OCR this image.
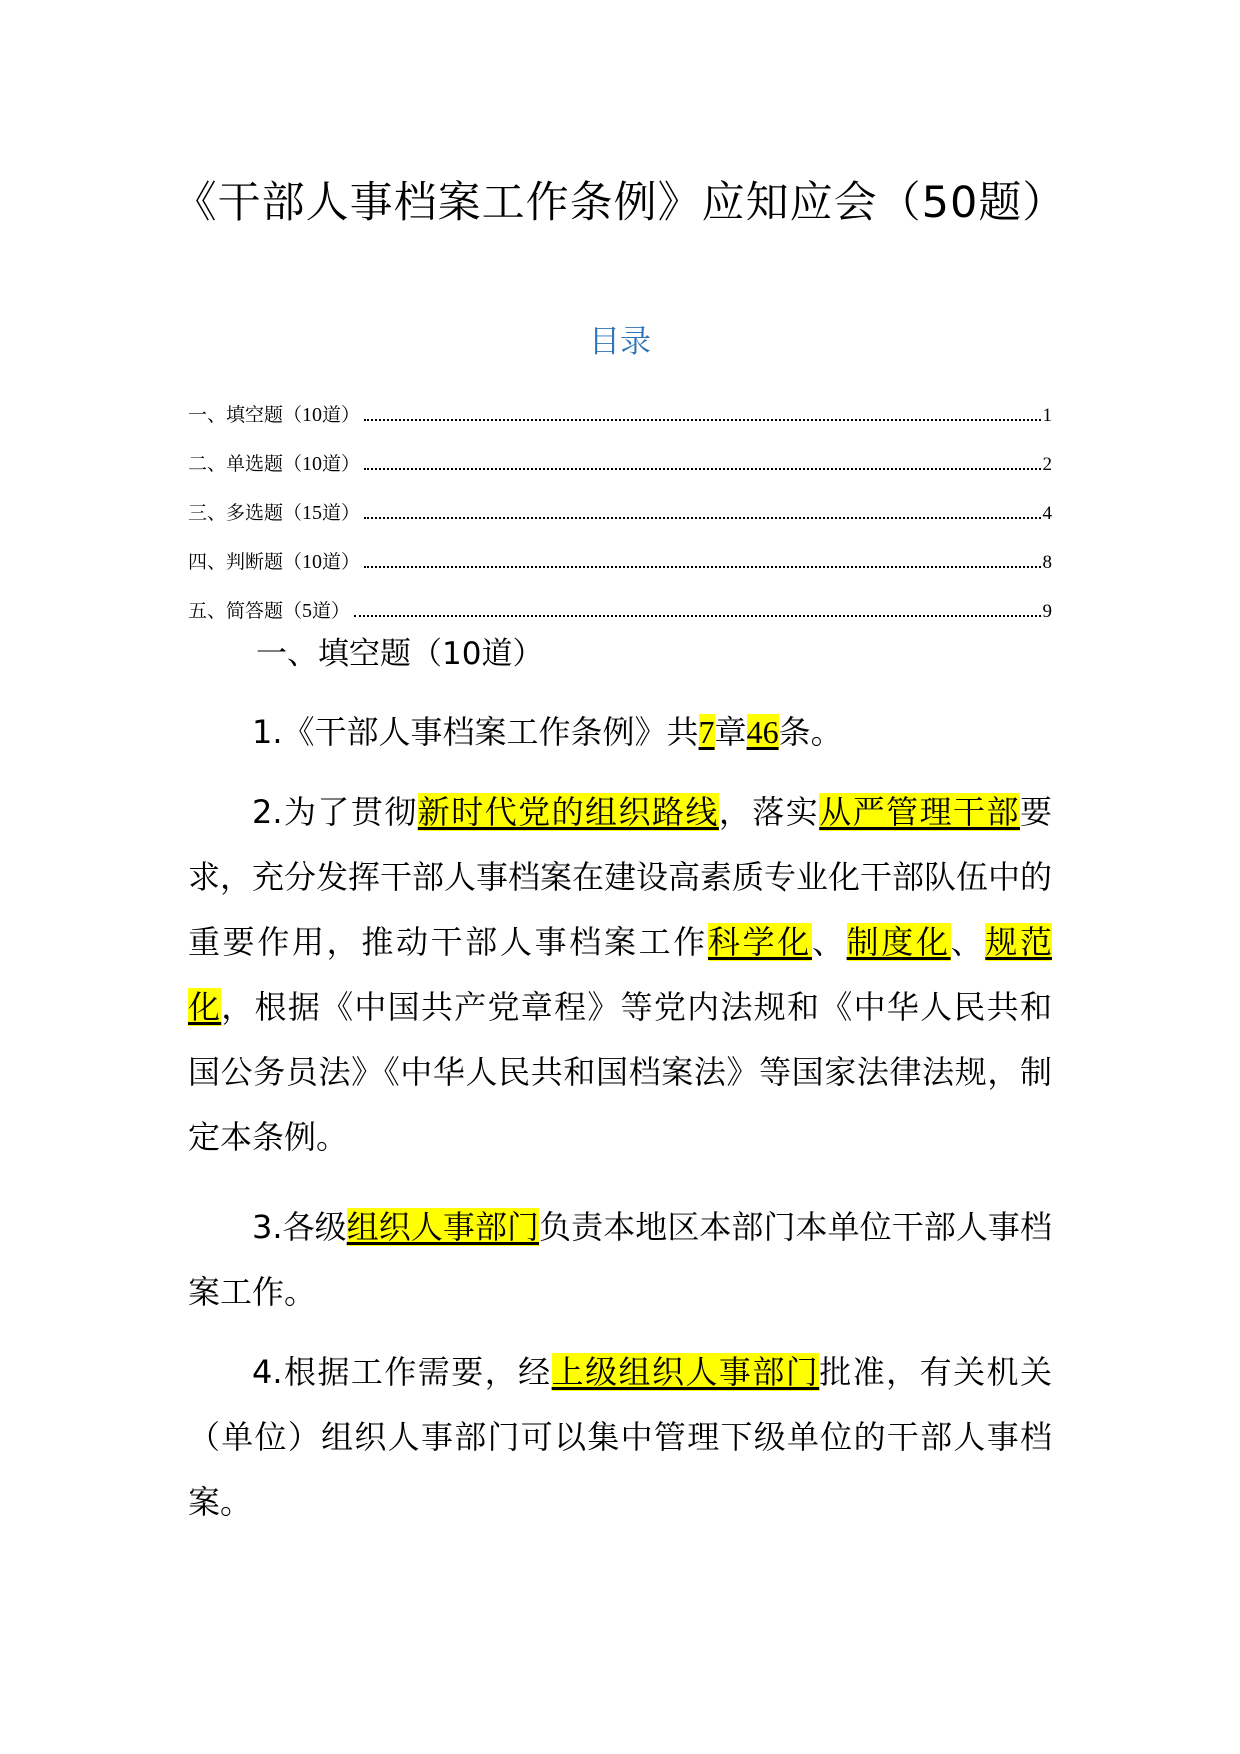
《干部人事档案工作条例》应知应会（50题）
目录
一、填空题（10道）	1
二、单选题（10道）	2
三、多选题（15道）	4
四、判断题（10道）	8
五、简答题（5道）	9
一、填空题（10道）

1.《干部人事档案工作条例》共7章46条。

2.为了贯彻新时代党的组织路线，落实从严管理干部要求，充分发挥干部人事档案在建设高素质专业化干部队伍中的重要作用，推动干部人事档案工作科学化、制度化、规范化，根据《中国共产党章程》等党内法规和《中华人民共和国公务员法》《中华人民共和国档案法》等国家法律法规，制定本条例。

3.各级组织人事部门负责本地区本部门本单位干部人事档案工作。

4.根据工作需要，经上级组织人事部门批准，有关机关（单位）组织人事部门可以集中管理下级单位的干部人事档案。
